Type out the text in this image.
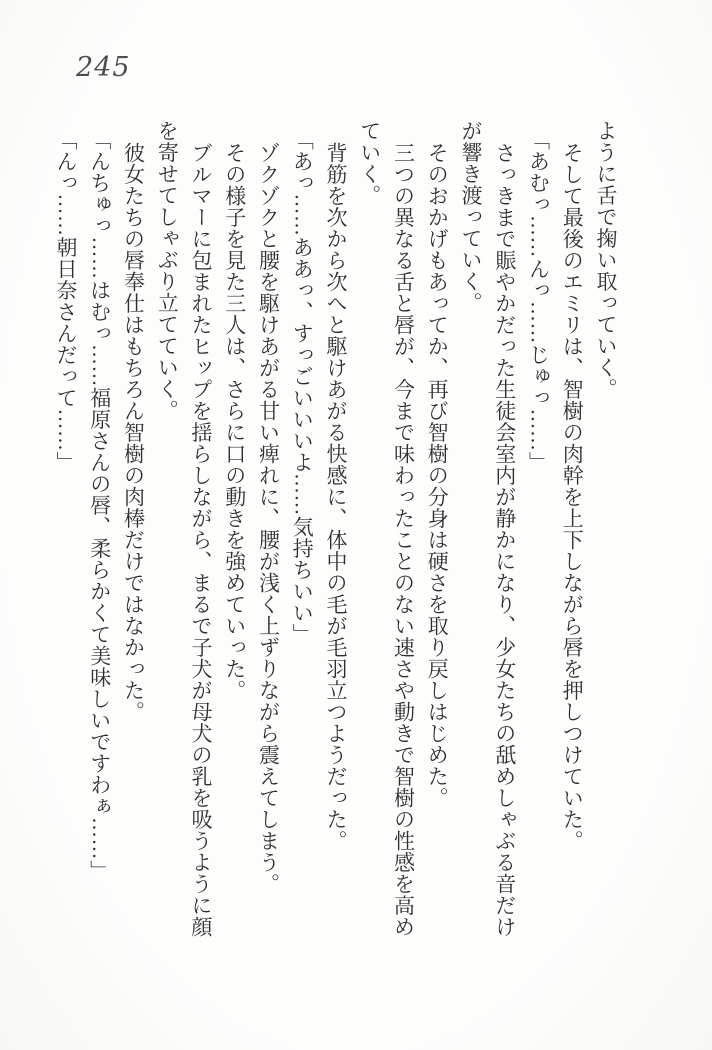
245
ように舌で掬い取っていく。
そして最後のエミリは、智樹の肉幹を上下しながら唇を押しつけていた。
「あむっ……んっ……じゅっ……」
さっきまで賑やかだった生徒会室内が静かになり、少女たちの舐めしゃぶる音だけ
が響き渡っていく。
そのおかげもあってか、再び智樹の分身は硬さを取り戻しはじめた。
三つの異なる舌と唇が、今まで味わったことのない速さや動きで智樹の性感を高め
ていく。
背筋を次から次へと駆けあがる快感に、体中の毛が毛羽立つようだった。
「あっ……ああっ、すっごいいいよ……気持ちいい」
ゾクゾクと腰を駆けあがる甘い痺れに、腰が浅く上ずりながら震えてしまう。
その様子を見た三人は、さらに口の動きを強めていった。
ブルマーに包まれたヒップを揺らしながら、まるで子犬が母犬の乳を吸うように顔
を寄せてしゃぶり立てていく。
彼女たちの唇奉仕はもちろん智樹の肉棒だけではなかった。
「んちゅっ……はむっ……福原さんの唇、柔らかくて美味しいですわぁ……」
「んっ……朝日奈さんだって……」
